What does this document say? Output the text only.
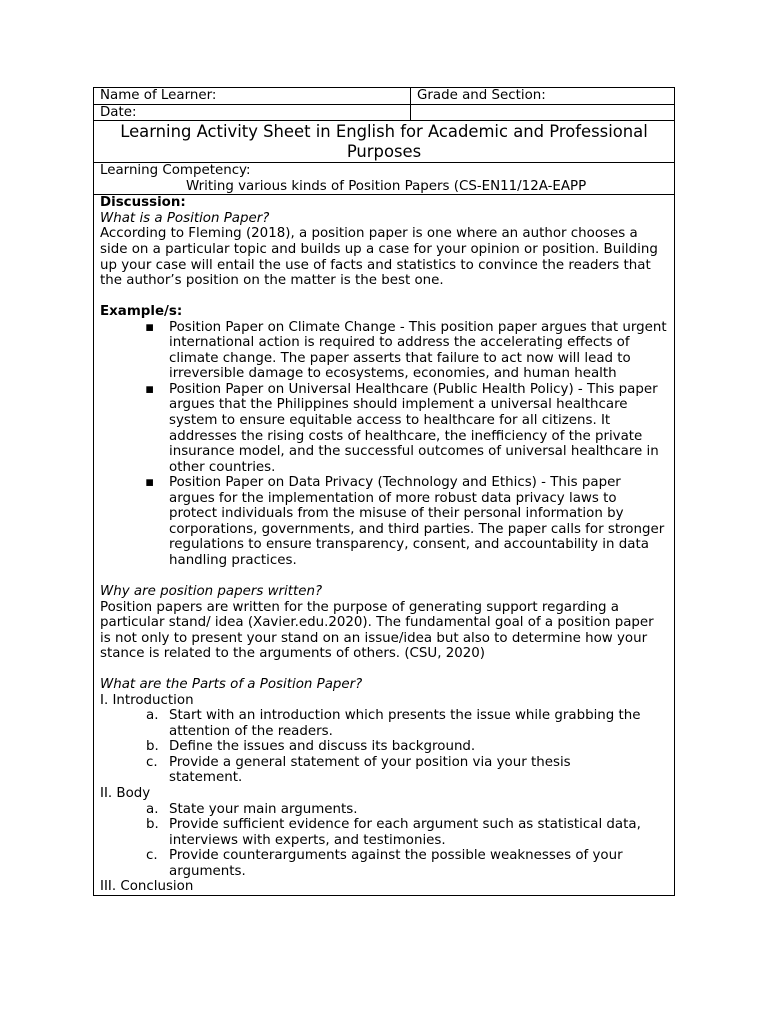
Name of Learner:	Grade and Section:
Date:
Learning Activity Sheet in English for Academic and Professional Purposes
Learning Competency:
Writing various kinds of Position Papers (CS-EN11/12A-EAPP

Discussion:

What is a Position Paper?

According to Fleming (2018), a position paper is one where an author chooses a side on a particular topic and builds up a case for your opinion or position. Building up your case will entail the use of facts and statistics to convince the readers that the author’s position on the matter is the best one.

Example/s:

▪ Position Paper on Climate Change - This position paper argues that urgent international action is required to address the accelerating effects of climate change. The paper asserts that failure to act now will lead to irreversible damage to ecosystems, economies, and human health
▪ Position Paper on Universal Healthcare (Public Health Policy) - This paper argues that the Philippines should implement a universal healthcare system to ensure equitable access to healthcare for all citizens. It addresses the rising costs of healthcare, the inefficiency of the private insurance model, and the successful outcomes of universal healthcare in other countries.
▪ Position Paper on Data Privacy (Technology and Ethics) - This paper argues for the implementation of more robust data privacy laws to protect individuals from the misuse of their personal information by corporations, governments, and third parties. The paper calls for stronger regulations to ensure transparency, consent, and accountability in data handling practices.

Why are position papers written?

Position papers are written for the purpose of generating support regarding a particular stand/ idea (Xavier.edu.2020). The fundamental goal of a position paper is not only to present your stand on an issue/idea but also to determine how your stance is related to the arguments of others. (CSU, 2020)

What are the Parts of a Position Paper?

I. Introduction

a. Start with an introduction which presents the issue while grabbing the
attention of the readers.
b. Define the issues and discuss its background.
c. Provide a general statement of your position via your thesis statement.

II. Body

a. State your main arguments.
b. Provide sufficient evidence for each argument such as statistical data, interviews with experts, and testimonies.
c. Provide counterarguments against the possible weaknesses of your arguments.

III. Conclusion
